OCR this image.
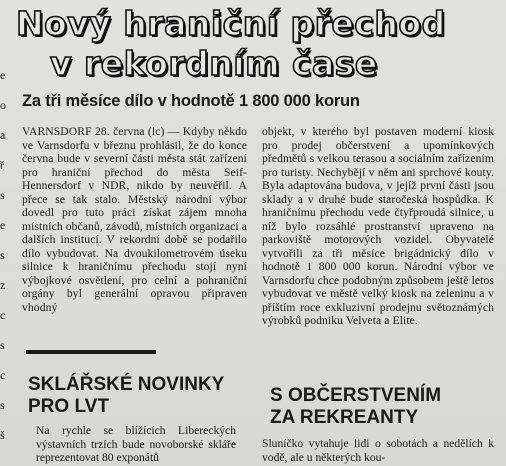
e
o
a
ř
s
e
s
z
c
s
c
s
š
Nový hraniční přechod
v rekordním čase
Za tři měsíce dílo v hodnotě 1 800 000 korun

VARNSDORF 28. června (lc) — Kdyby někdo ve Varnsdorfu v březnu prohlásil, že do konce června bude v severní části města stát zařízení pro hraniční přechod do města Seif-Hennersdorf v NDR, nikdo by neuvěřil. A přece se tak stalo. Městský národní výbor dovedl pro tuto práci získat zájem mnoha místních občanů, závodů, místních organizací a dalších institucí. V rekordní době se podařilo dílo vybudovat. Na dvoukilometrovém úseku silnice k hraničnímu přechodu stojí nyní výbojkové osvětlení, pro celní a pohraniční orgány byl generální opravou připraven vhodný

objekt, v kterého byl postaven moderní kiosk pro prodej občerstvení a upomínkových předmětů s velkou terasou a sociálním zařízením pro turisty. Nechybějí v něm ani sprchové kouty. Byla adaptována budova, v jejíž první části jsou sklady a v druhé bude staročeská hospůdka. K hraničnímu přechodu vede čtyřproudá silnice, u níž bylo rozsáhlé prostranství upraveno na parkoviště motorových vozidel. Obyvatelé vytvořili za tři měsíce brigádnický dílo v hodnotě 1 800 000 korun. Národní výbor ve Varnsdorfu chce podobným způsobem ještě letos vybudovat ve městě velký kiosk na zeleninu a v příštím roce exkluzivní prodejnu světoznámých výrobků podniku Velveta a Elite.

SKLÁŘSKÉ NOVINKY
PRO LVT

Na rychle se blížících Libereckých výstavních trzích bude novoborské skláře reprezentovat 80 exponátů

S OBČERSTVENÍM
ZA REKREANTY

Sluníčko vytahuje lidi o sobotách a nedělích k vodě, ale u některých kou-
